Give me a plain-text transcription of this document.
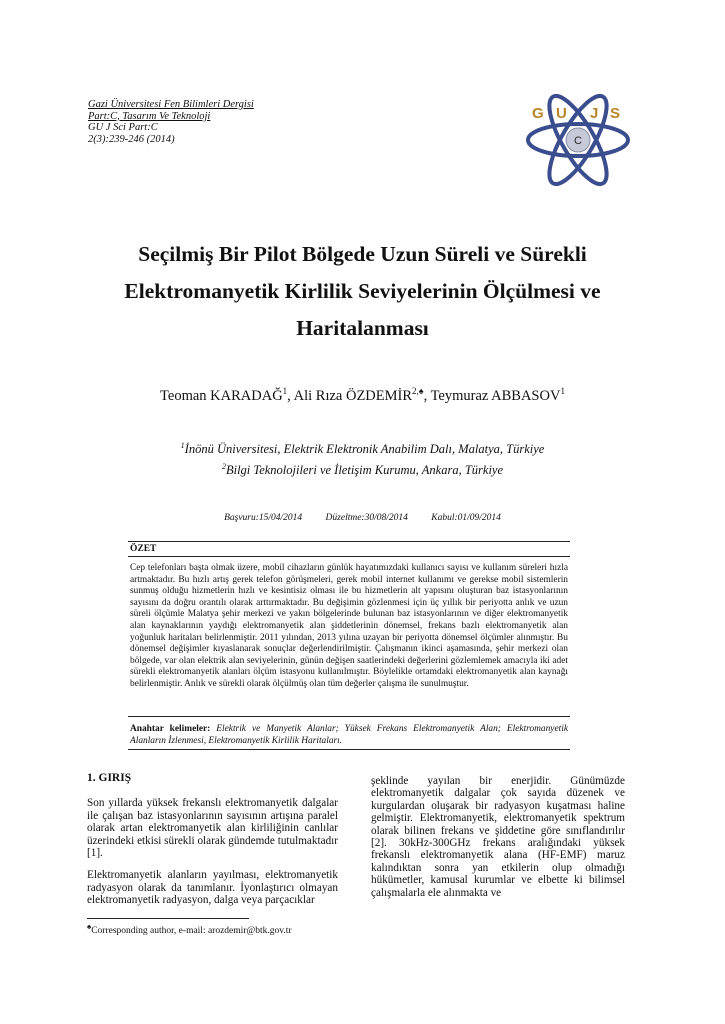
Gazi Üniversitesi Fen Bilimleri Dergisi
Part:C, Tasarım Ve Teknoloji
GU J Sci Part:C
2(3):239-246 (2014)	C
G U J S
Seçilmiş Bir Pilot Bölgede Uzun Süreli ve Sürekli
Elektromanyetik Kirlilik Seviyelerinin Ölçülmesi ve
Haritalanması
Teoman KARADAĞ$^1$, Ali Rıza $ÖZDEMİR^{2,♠}$, Teymuraz ABBASOV$^1$
$^1$İnönü Üniversitesi, Elektrik Elektronik Anabilim Dalı, Malatya, Türkiye
$^2$Bilgi Teknolojileri ve İletişim Kurumu, Ankara, Türkiye
Başvuru:15/04/2014 Düzeltme:30/08/2014 Kabul:01/09/2014
ÖZET

Cep telefonları başta olmak üzere, mobil cihazların günlük hayatımızdaki kullanıcı sayısı ve kullanım süreleri hızla artmaktadır. Bu hızlı artış gerek telefon görüşmeleri, gerek mobil internet kullanımı ve gerekse mobil sistemlerin sunmuş olduğu hizmetlerin hızlı ve kesintisiz olması ile bu hizmetlerin alt yapısını oluşturan baz istasyonlarının sayısını da doğru orantılı olarak arttırmaktadır. Bu değişimin gözlenmesi için üç yıllık bir periyotta anlık ve uzun süreli ölçümle Malatya şehir merkezi ve yakın bölgelerinde bulunan baz istasyonlarının ve diğer elektromanyetik alan kaynaklarının yaydığı elektromanyetik alan şiddetlerinin dönemsel, frekans bazlı elektromanyetik alan yoğunluk haritaları belirlenmiştir. 2011 yılından, 2013 yılına uzayan bir periyotta dönemsel ölçümler alınmıştır. Bu dönemsel değişimler kıyaslanarak sonuçlar değerlendirilmiştir. Çalışmanın ikinci aşamasında, şehir merkezi olan bölgede, var olan elektrik alan seviyelerinin, günün değişen saatlerindeki değerlerini gözlemlemek amacıyla iki adet sürekli elektromanyetik alanları ölçüm istasyonu kullanılmıştır. Böylelikle ortamdaki elektromanyetik alan kaynağı belirlenmiştir. Anlık ve sürekli olarak ölçülmüş olan tüm değerler çalışma ile sunulmuştur.

Anahtar kelimeler: Elektrik ve Manyetik Alanlar; Yüksek Frekans Elektromanyetik Alan; Elektromanyetik Alanların İzlenmesi, Elektromanyetik Kirlilik Haritaları.
1. GIRIŞ

Son yıllarda yüksek frekanslı elektromanyetik dalgalar ile çalışan baz istasyonlarının sayısının artışına paralel olarak artan elektromanyetik alan kirliliğinin canlılar üzerindeki etkisi sürekli olarak gündemde tutulmaktadır [1].

Elektromanyetik alanların yayılması, elektromanyetik radyasyon olarak da tanımlanır. İyonlaştırıcı olmayan elektromanyetik radyasyon, dalga veya parçacıklar

şeklinde yayılan bir enerjidir. Günümüzde elektromanyetik dalgalar çok sayıda düzenek ve kurgulardan oluşarak bir radyasyon kuşatması haline gelmiştir. Elektromanyetik, elektromanyetik spektrum olarak bilinen frekans ve şiddetine göre sınıflandırılır [2]. 30kHz-300GHz frekans aralığındaki yüksek frekanslı elektromanyetik alana (HF-EMF) maruz kalındıktan sonra yan etkilerin olup olmadığı hükümetler, kamusal kurumlar ve elbette ki bilimsel çalışmalarla ele alınmakta ve

♠Corresponding author, e-mail: arozdemir@btk.gov.tr
